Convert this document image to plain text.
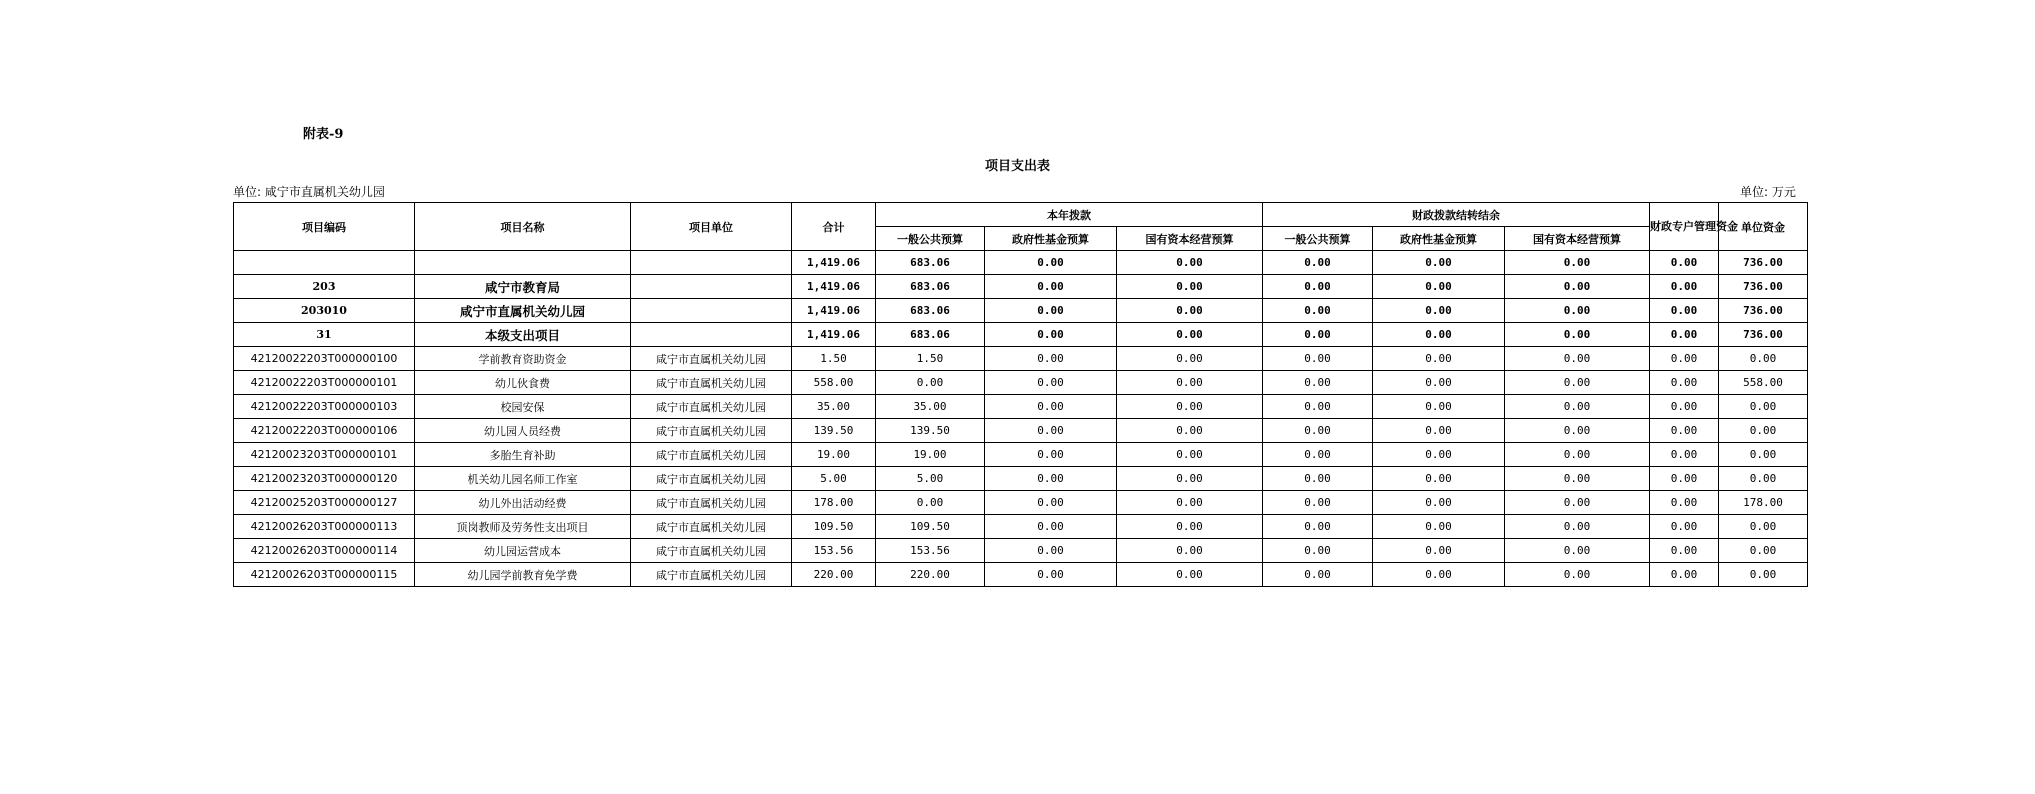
附表-9
项目支出表
单位: 咸宁市直属机关幼儿园	单位: 万元
项目编码	项目名称	项目单位	合计	本年拨款			财政拨款结转结余			财政专户管理资金	单位资金
				一般公共预算	政府性基金预算	国有资本经营预算	一般公共预算	政府性基金预算	国有资本经营预算		
			1,419.06	683.06	0.00	0.00	0.00	0.00	0.00	0.00	736.00
203	咸宁市教育局		1,419.06	683.06	0.00	0.00	0.00	0.00	0.00	0.00	736.00
203010	咸宁市直属机关幼儿园		1,419.06	683.06	0.00	0.00	0.00	0.00	0.00	0.00	736.00
31	本级支出项目		1,419.06	683.06	0.00	0.00	0.00	0.00	0.00	0.00	736.00
42120022203T000000100	学前教育资助资金	咸宁市直属机关幼儿园	1.50	1.50	0.00	0.00	0.00	0.00	0.00	0.00	0.00
42120022203T000000101	幼儿伙食费	咸宁市直属机关幼儿园	558.00	0.00	0.00	0.00	0.00	0.00	0.00	0.00	558.00
42120022203T000000103	校园安保	咸宁市直属机关幼儿园	35.00	35.00	0.00	0.00	0.00	0.00	0.00	0.00	0.00
42120022203T000000106	幼儿园人员经费	咸宁市直属机关幼儿园	139.50	139.50	0.00	0.00	0.00	0.00	0.00	0.00	0.00
42120023203T000000101	多胎生育补助	咸宁市直属机关幼儿园	19.00	19.00	0.00	0.00	0.00	0.00	0.00	0.00	0.00
42120023203T000000120	机关幼儿园名师工作室	咸宁市直属机关幼儿园	5.00	5.00	0.00	0.00	0.00	0.00	0.00	0.00	0.00
42120025203T000000127	幼儿外出活动经费	咸宁市直属机关幼儿园	178.00	0.00	0.00	0.00	0.00	0.00	0.00	0.00	178.00
42120026203T000000113	顶岗教师及劳务性支出项目	咸宁市直属机关幼儿园	109.50	109.50	0.00	0.00	0.00	0.00	0.00	0.00	0.00
42120026203T000000114	幼儿园运营成本	咸宁市直属机关幼儿园	153.56	153.56	0.00	0.00	0.00	0.00	0.00	0.00	0.00
42120026203T000000115	幼儿园学前教育免学费	咸宁市直属机关幼儿园	220.00	220.00	0.00	0.00	0.00	0.00	0.00	0.00	0.00
